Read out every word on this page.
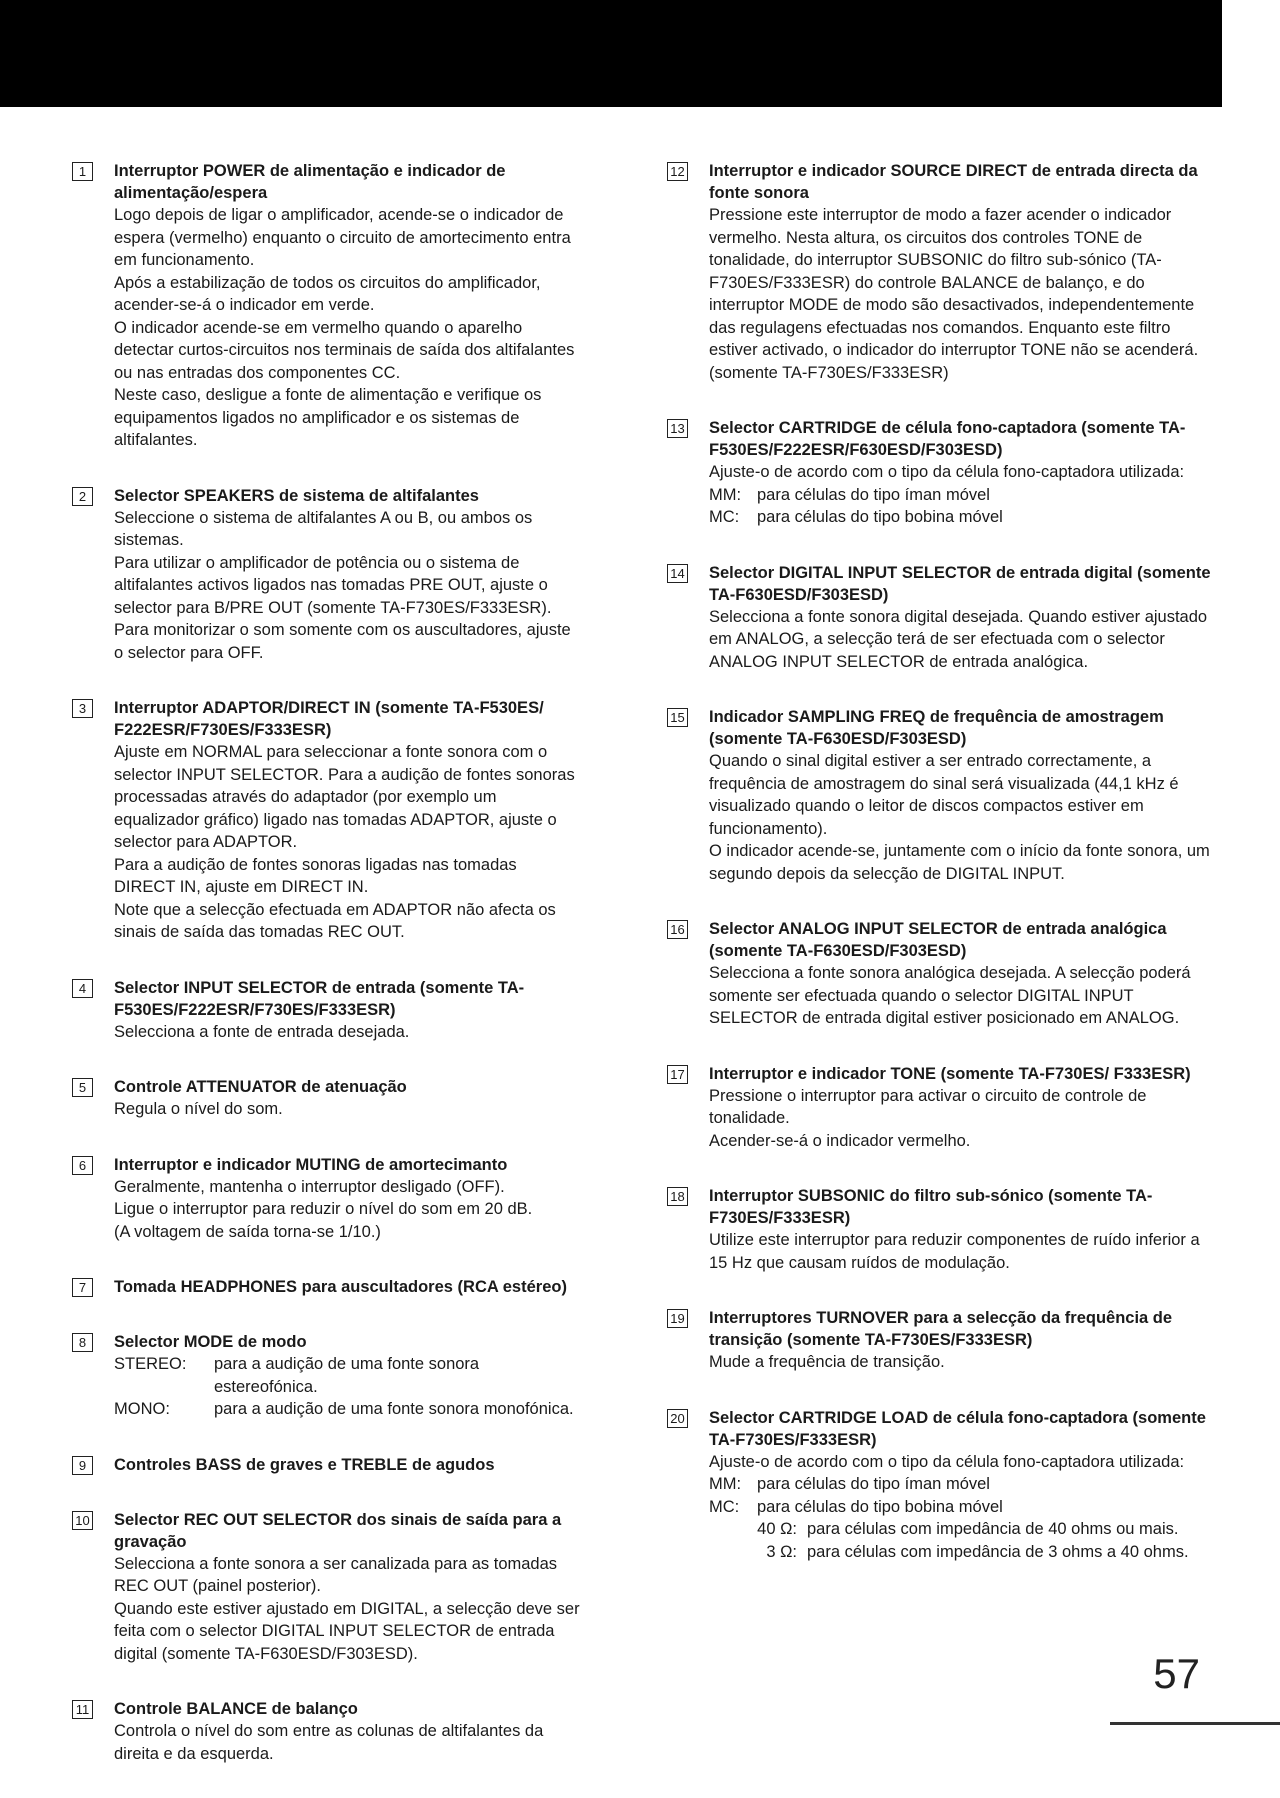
1	Interruptor POWER de alimentação e indicador de alimentação/espera

Logo depois de ligar o amplificador, acende-se o indicador de espera (vermelho) enquanto o circuito de amortecimento entra em funcionamento.

Após a estabilização de todos os circuitos do amplificador, acender-se-á o indicador em verde.

O indicador acende-se em vermelho quando o aparelho detectar curtos-circuitos nos terminais de saída dos altifalantes ou nas entradas dos componentes CC.

Neste caso, desligue a fonte de alimentação e verifique os equipamentos ligados no amplificador e os sistemas de altifalantes.

2	Selector SPEAKERS de sistema de altifalantes

Seleccione o sistema de altifalantes A ou B, ou ambos os sistemas.

Para utilizar o amplificador de potência ou o sistema de altifalantes activos ligados nas tomadas PRE OUT, ajuste o selector para B/PRE OUT (somente TA-F730ES/F333ESR).

Para monitorizar o som somente com os auscultadores, ajuste o selector para OFF.

3	Interruptor ADAPTOR/DIRECT IN (somente TA-F530ES/ F222ESR/F730ES/F333ESR)

Ajuste em NORMAL para seleccionar a fonte sonora com o selector INPUT SELECTOR. Para a audição de fontes sonoras processadas através do adaptador (por exemplo um equalizador gráfico) ligado nas tomadas ADAPTOR, ajuste o selector para ADAPTOR.

Para a audição de fontes sonoras ligadas nas tomadas DIRECT IN, ajuste em DIRECT IN.

Note que a selecção efectuada em ADAPTOR não afecta os sinais de saída das tomadas REC OUT.

4	Selector INPUT SELECTOR de entrada (somente TA-F530ES/F222ESR/F730ES/F333ESR)

Selecciona a fonte de entrada desejada.

5	Controle ATTENUATOR de atenuação

Regula o nível do som.

6	Interruptor e indicador MUTING de amortecimanto

Geralmente, mantenha o interruptor desligado (OFF).

Ligue o interruptor para reduzir o nível do som em 20 dB.

(A voltagem de saída torna-se 1/10.)

7	Tomada HEADPHONES para auscultadores (RCA estéreo)
8	Selector MODE de modo
STEREO:	para a audição de uma fonte sonora estereofónica.
MONO:	para a audição de uma fonte sonora monofónica.
9	Controles BASS de graves e TREBLE de agudos
10 Selector REC OUT SELECTOR dos sinais de saída para a gravação

Selecciona a fonte sonora a ser canalizada para as tomadas REC OUT (painel posterior).

Quando este estiver ajustado em DIGITAL, a selecção deve ser feita com o selector DIGITAL INPUT SELECTOR de entrada digital (somente TA-F630ESD/F303ESD).

11 Controle BALANCE de balanço

Controla o nível do som entre as colunas de altifalantes da direita e da esquerda.

12 Interruptor e indicador SOURCE DIRECT de entrada directa da fonte sonora

Pressione este interruptor de modo a fazer acender o indicador vermelho. Nesta altura, os circuitos dos controles TONE de tonalidade, do interruptor SUBSONIC do filtro sub-sónico (TA-F730ES/F333ESR) do controle BALANCE de balanço, e do interruptor MODE de modo são desactivados, independentemente das regulagens efectuadas nos comandos. Enquanto este filtro estiver activado, o indicador do interruptor TONE não se acenderá. (somente TA-F730ES/F333ESR)

13 Selector CARTRIDGE de célula fono-captadora (somente TA-F530ES/F222ESR/F630ESD/F303ESD)

Ajuste-o de acordo com o tipo da célula fono-captadora utilizada:

MM: para células do tipo íman móvel
MC:	para células do tipo bobina móvel
14 Selector DIGITAL INPUT SELECTOR de entrada digital (somente TA-F630ESD/F303ESD)

Selecciona a fonte sonora digital desejada. Quando estiver ajustado em ANALOG, a selecção terá de ser efectuada com o selector ANALOG INPUT SELECTOR de entrada analógica.

15 Indicador SAMPLING FREQ de frequência de amostragem (somente TA-F630ESD/F303ESD)

Quando o sinal digital estiver a ser entrado correctamente, a frequência de amostragem do sinal será visualizada (44,1 kHz é visualizado quando o leitor de discos compactos estiver em funcionamento).

O indicador acende-se, juntamente com o início da fonte sonora, um segundo depois da selecção de DIGITAL INPUT.

16 Selector ANALOG INPUT SELECTOR de entrada analógica (somente TA-F630ESD/F303ESD)

Selecciona a fonte sonora analógica desejada. A selecção poderá somente ser efectuada quando o selector DIGITAL INPUT SELECTOR de entrada digital estiver posicionado em ANALOG.

17 Interruptor e indicador TONE (somente TA-F730ES/ F333ESR)

Pressione o interruptor para activar o circuito de controle de tonalidade.

Acender-se-á o indicador vermelho.

18 Interruptor SUBSONIC do filtro sub-sónico (somente TA-F730ES/F333ESR)

Utilize este interruptor para reduzir componentes de ruído inferior a 15 Hz que causam ruídos de modulação.

19 Interruptores TURNOVER para a selecção da frequência de transição (somente TA-F730ES/F333ESR)

Mude a frequência de transição.

20 Selector CARTRIDGE LOAD de célula fono-captadora (somente TA-F730ES/F333ESR)

Ajuste-o de acordo com o tipo da célula fono-captadora utilizada:

MM: para células do tipo íman móvel
MC:	para células do tipo bobina móvel
40 Ω: para células com impedância de 40 ohms ou mais.
3 Ω: para células com impedância de 3 ohms a 40 ohms.
57
